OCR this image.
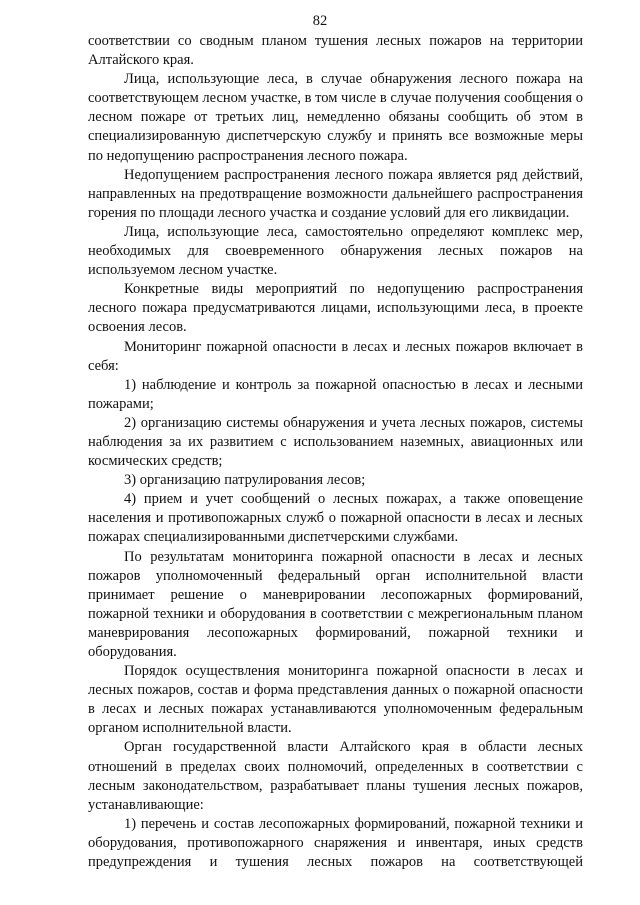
82

соответствии со сводным планом тушения лесных пожаров на территории Алтайского края.

Лица, использующие леса, в случае обнаружения лесного пожара на соответствующем лесном участке, в том числе в случае получения сообщения о лесном пожаре от третьих лиц, немедленно обязаны сообщить об этом в специализированную диспетчерскую службу и принять все возможные меры по недопущению распространения лесного пожара.

Недопущением распространения лесного пожара является ряд действий, направленных на предотвращение возможности дальнейшего распространения горения по площади лесного участка и создание условий для его ликвидации.

Лица, использующие леса, самостоятельно определяют комплекс мер, необходимых для своевременного обнаружения лесных пожаров на используемом лесном участке.

Конкретные виды мероприятий по недопущению распространения лесного пожара предусматриваются лицами, использующими леса, в проекте освоения лесов.

Мониторинг пожарной опасности в лесах и лесных пожаров включает в себя:

1) наблюдение и контроль за пожарной опасностью в лесах и лесными пожарами;

2) организацию системы обнаружения и учета лесных пожаров, системы наблюдения за их развитием с использованием наземных, авиационных или космических средств;

3) организацию патрулирования лесов;

4) прием и учет сообщений о лесных пожарах, а также оповещение населения и противопожарных служб о пожарной опасности в лесах и лесных пожарах специализированными диспетчерскими службами.

По результатам мониторинга пожарной опасности в лесах и лесных пожаров уполномоченный федеральный орган исполнительной власти принимает решение о маневрировании лесопожарных формирований, пожарной техники и оборудования в соответствии с межрегиональным планом маневрирования лесопожарных формирований, пожарной техники и оборудования.

Порядок осуществления мониторинга пожарной опасности в лесах и лесных пожаров, состав и форма представления данных о пожарной опасности в лесах и лесных пожарах устанавливаются уполномоченным федеральным органом исполнительной власти.

Орган государственной власти Алтайского края в области лесных отношений в пределах своих полномочий, определенных в соответствии с лесным законодательством, разрабатывает планы тушения лесных пожаров, устанавливающие:

1) перечень и состав лесопожарных формирований, пожарной техники и оборудования, противопожарного снаряжения и инвентаря, иных средств предупреждения и тушения лесных пожаров на соответствующей
